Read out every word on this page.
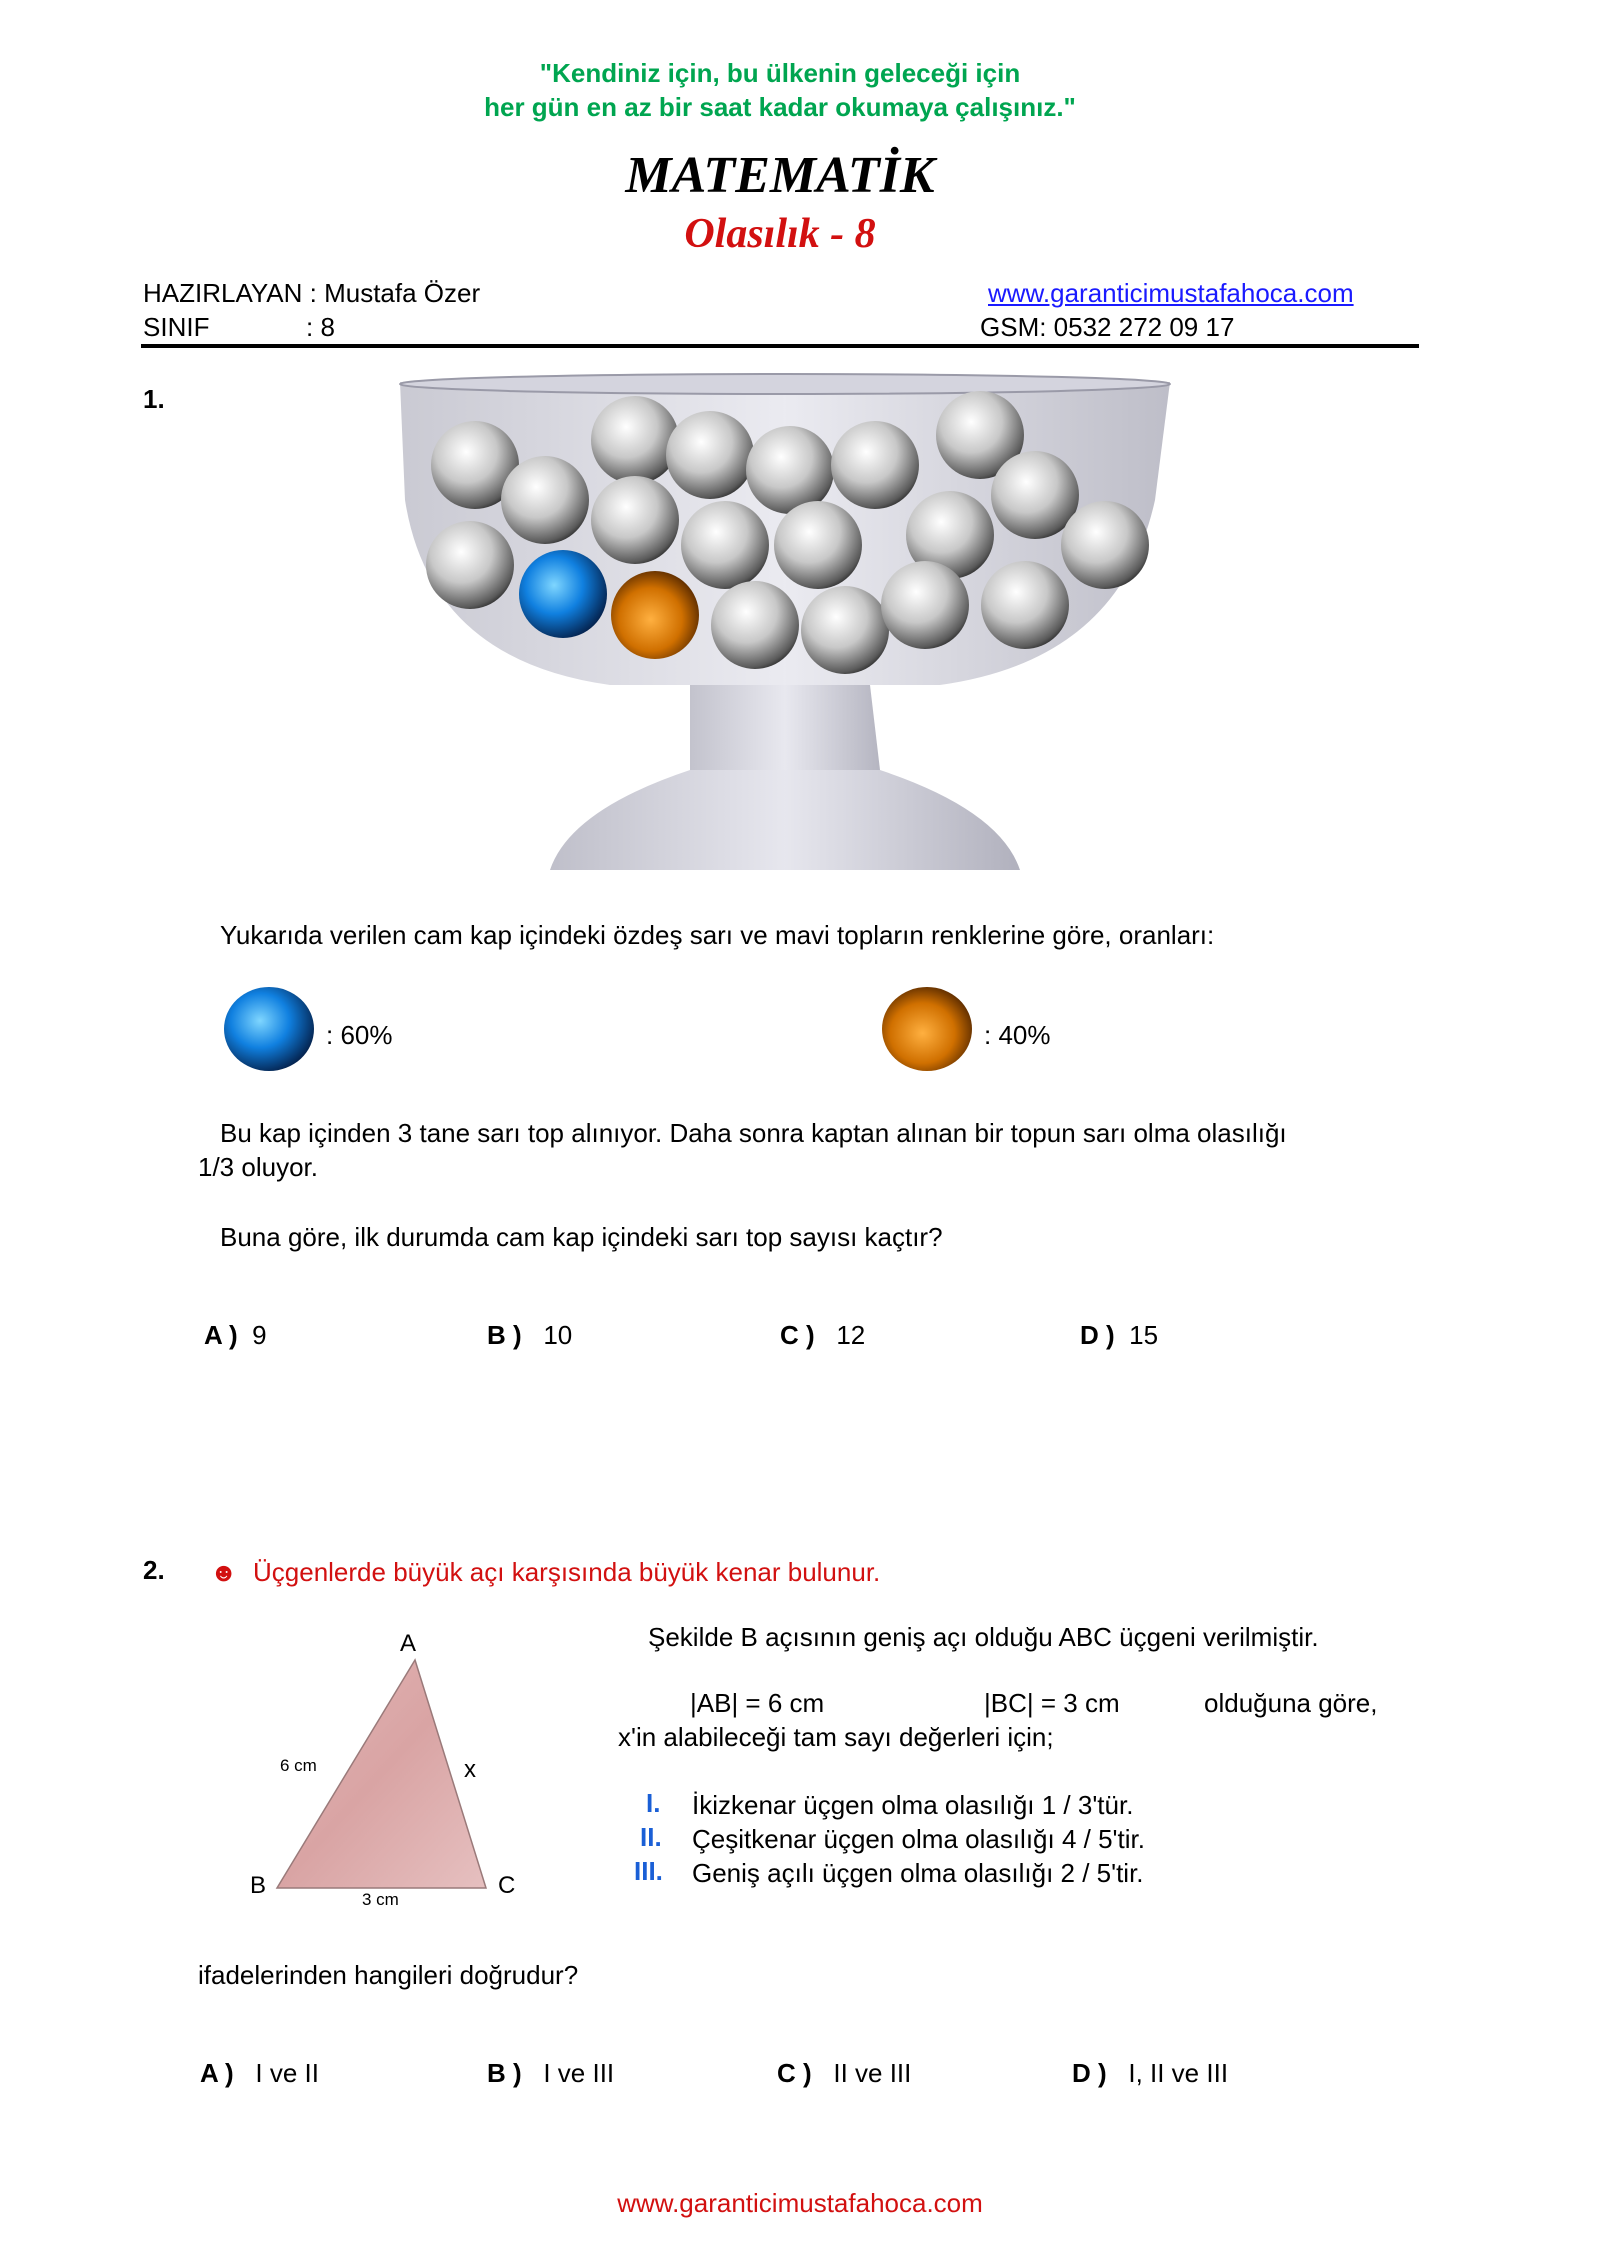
"Kendiniz için, bu ülkenin geleceği için
her gün en az bir saat kadar okumaya çalışınız."
MATEMATİK
Olasılık - 8
HAZIRLAYAN : Mustafa Özer
SINIF	: 8
www.garanticimustafahoca.com
GSM: 0532 272 09 17
1.
Yukarıda verilen cam kap içindeki özdeş sarı ve mavi topların renklerine göre, oranları:
: 60%	: 40%
Bu kap içinden 3 tane sarı top alınıyor. Daha sonra kaptan alınan bir topun sarı olma olasılığı
1/3 oluyor.
Buna göre, ilk durumda cam kap içindeki sarı top sayısı kaçtır?
A ) 9	B ) 10	C ) 12	D ) 15
2. ☻ Üçgenlerde büyük açı karşısında büyük kenar bulunur.
A
B	C
6 cm
3 cm
x
Şekilde B açısının geniş açı olduğu ABC üçgeni verilmiştir.
|AB| = 6 cm	|BC| = 3 cm	olduğuna göre,
x'in alabileceği tam sayı değerleri için;
I. İkizkenar üçgen olma olasılığı 1 / 3'tür.
II. Çeşitkenar üçgen olma olasılığı 4 / 5'tir.
III. Geniş açılı üçgen olma olasılığı 2 / 5'tir.
ifadelerinden hangileri doğrudur?
A ) I ve II	B ) I ve III	C ) II ve III	D ) I, II ve III
www.garanticimustafahoca.com
